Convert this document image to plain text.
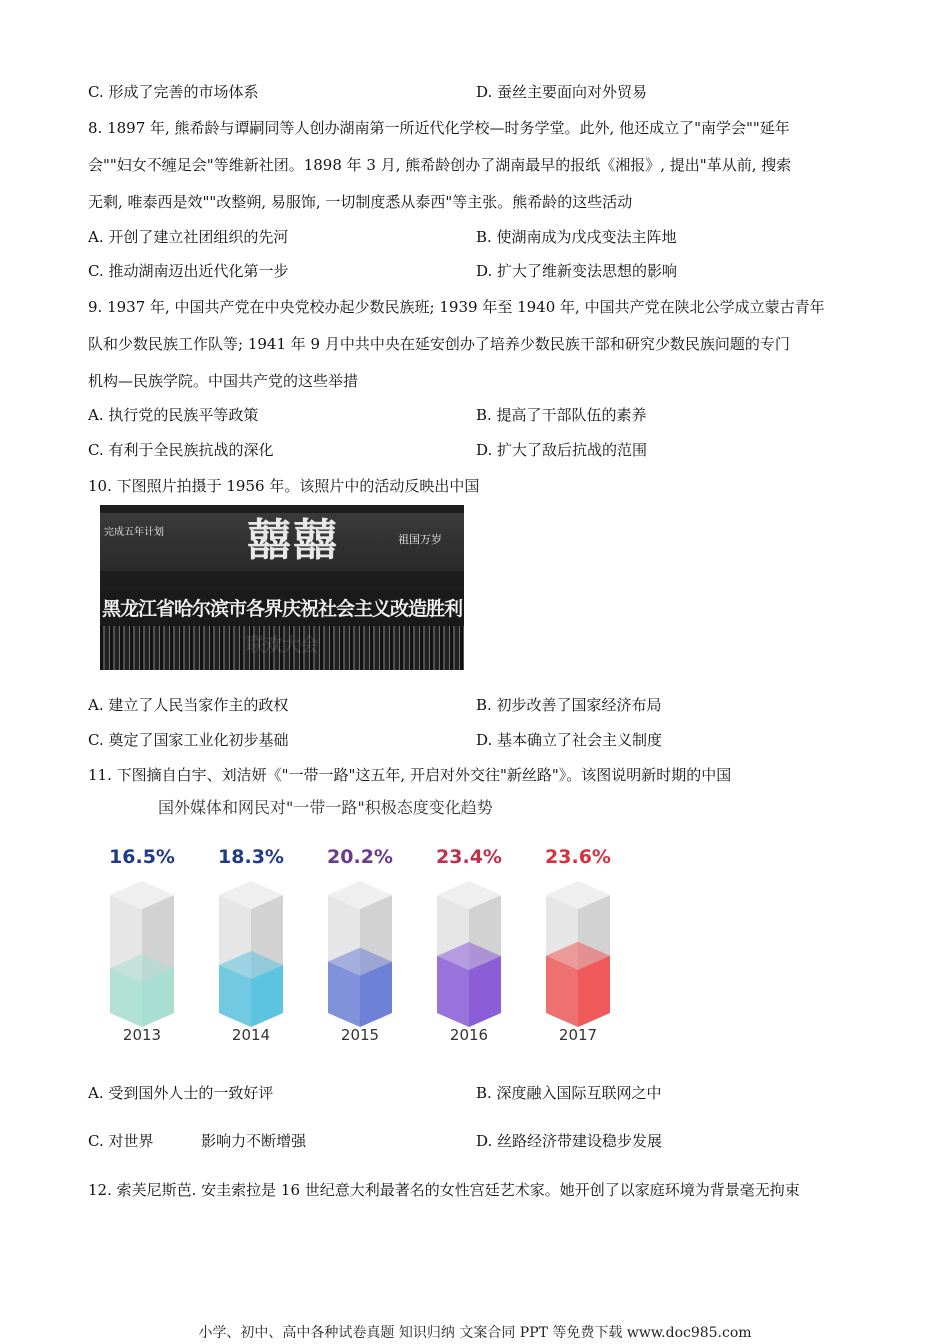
C. 形成了完善的市场体系	D. 蚕丝主要面向对外贸易
8. 1897 年, 熊希龄与谭嗣同等人创办湖南第一所近代化学校—时务学堂。此外, 他还成立了"南学会""延年
会""妇女不缠足会"等维新社团。1898 年 3 月, 熊希龄创办了湖南最早的报纸《湘报》, 提出"革从前, 搜索
无剩, 唯泰西是效""改整朔, 易服饰, 一切制度悉从泰西"等主张。熊希龄的这些活动
A. 开创了建立社团组织的先河	B. 使湖南成为戊戌变法主阵地
C. 推动湖南迈出近代化第一步	D. 扩大了维新变法思想的影响
9. 1937 年, 中国共产党在中央党校办起少数民族班; 1939 年至 1940 年, 中国共产党在陕北公学成立蒙古青年
队和少数民族工作队等; 1941 年 9 月中共中央在延安创办了培养少数民族干部和研究少数民族问题的专门
机构—民族学院。中国共产党的这些举措
A. 执行党的民族平等政策	B. 提高了干部队伍的素养
C. 有利于全民族抗战的深化	D. 扩大了敌后抗战的范围
10. 下图照片拍摄于 1956 年。该照片中的活动反映出中国
完成五年计划	囍囍	祖国万岁
黑龙江省哈尔滨市各界庆祝社会主义改造胜利
A. 建立了人民当家作主的政权	B. 初步改善了国家经济布局
C. 奠定了国家工业化初步基础	D. 基本确立了社会主义制度
11. 下图摘自白宇、刘洁妍《"一带一路"这五年, 开启对外交往"新丝路"》。该图说明新时期的中国
国外媒体和网民对"一带一路"积极态度变化趋势
16.5%
2013
18.3%
2014
20.2%
2015
23.4%
2016
23.6%
2017
A. 受到国外人士的一致好评	B. 深度融入国际互联网之中
C. 对世界          影响力不断增强	D. 丝路经济带建设稳步发展
12. 索芙尼斯芭. 安圭索拉是 16 世纪意大利最著名的女性宫廷艺术家。她开创了以家庭环境为背景毫无拘束
小学、初中、高中各种试卷真题 知识归纳 文案合同 PPT 等免费下载 www.doc985.com
